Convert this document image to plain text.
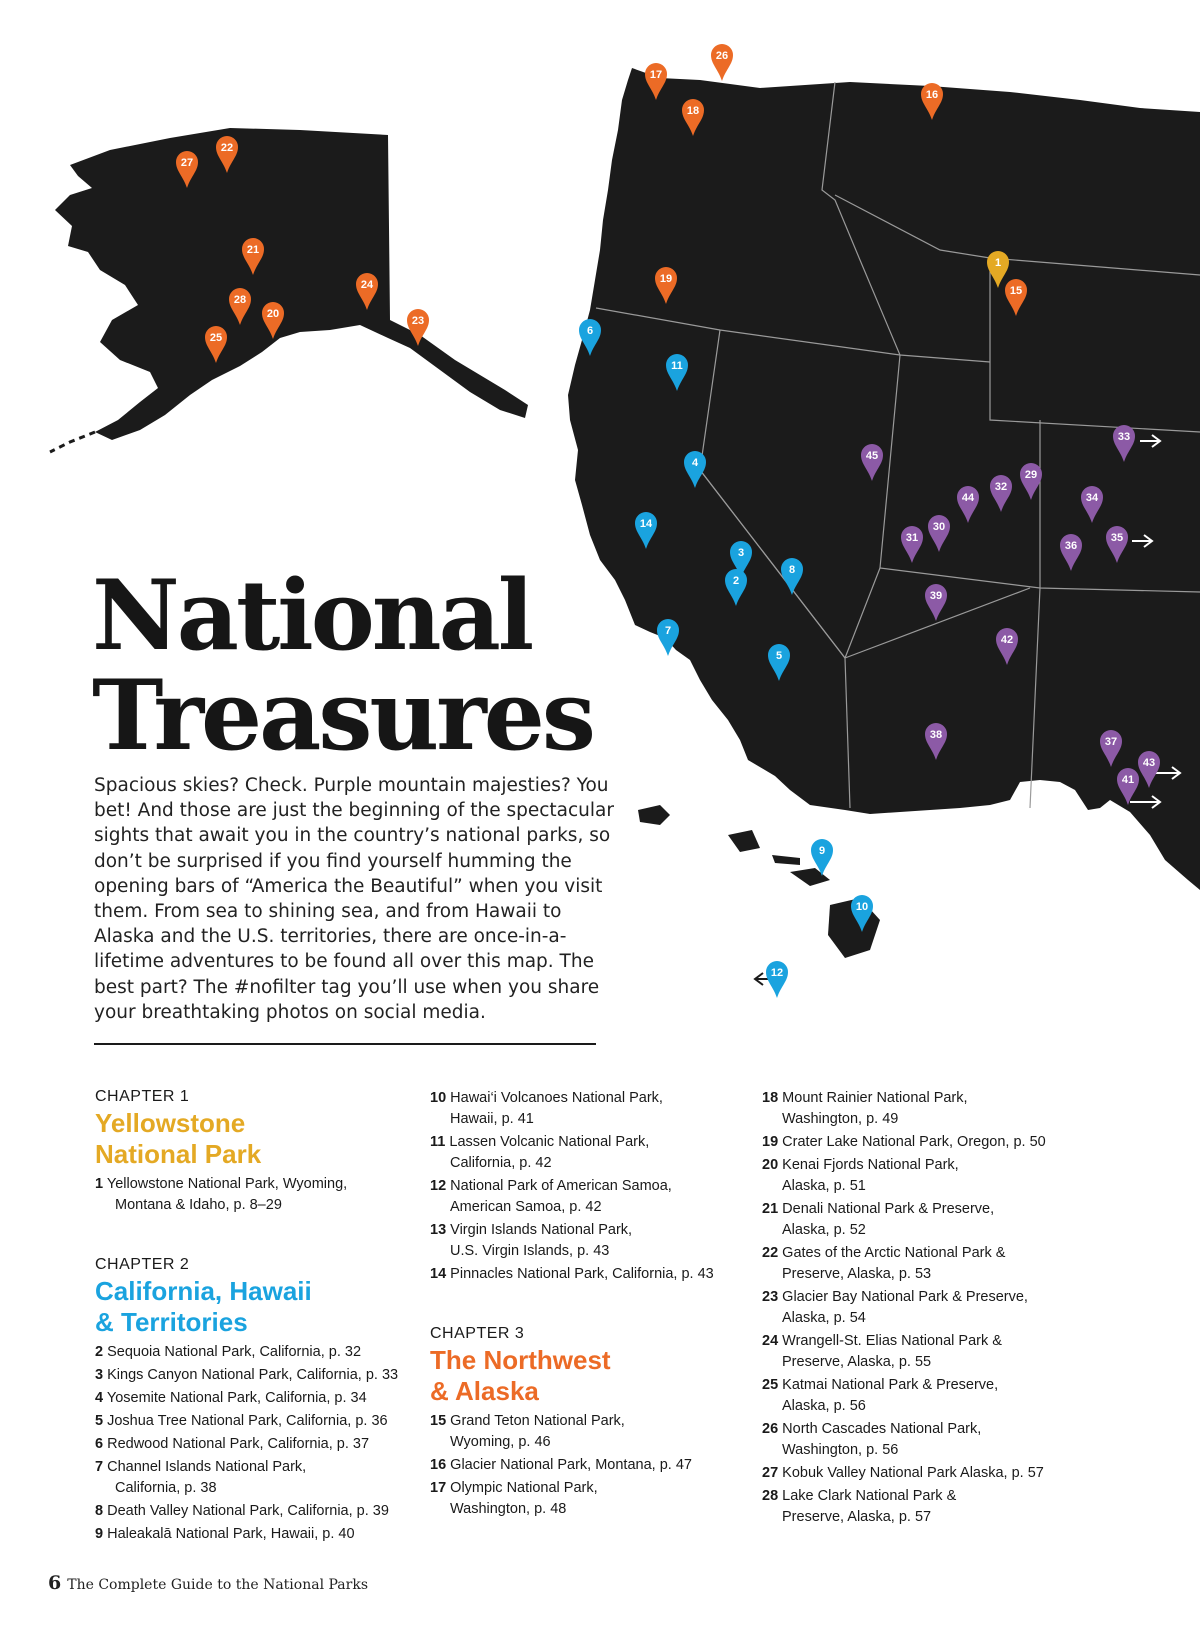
1
2
3
4
5
6
7
8
9
10
11
12
14
15
16
17
18
19
20
21
22
23
24
25
26
27
28
29
30
31
32
33
34
35
36
37
38
39
41
42
43
44
45
National
Treasures

Spacious skies? Check. Purple mountain majesties? You bet! And those are just the beginning of the spectacular sights that await you in the country’s national parks, so don’t be surprised if you find yourself humming the opening bars of “America the Beautiful” when you visit them. From sea to shining sea, and from Hawaii to Alaska and the U.S. territories, there are once-in-a-lifetime adventures to be found all over this map. The best part? The #nofilter tag you’ll use when you share your breathtaking photos on social media.

CHAPTER 1
Yellowstone
National Park
1 Yellowstone National Park, Wyoming,
Montana & Idaho, p. 8–29
CHAPTER 2
California, Hawaii
& Territories
2 Sequoia National Park, California, p. 32
3 Kings Canyon National Park, California, p. 33
4 Yosemite National Park, California, p. 34
5 Joshua Tree National Park, California, p. 36
6 Redwood National Park, California, p. 37
7 Channel Islands National Park,
California, p. 38
8 Death Valley National Park, California, p. 39
9 Haleakalā National Park, Hawaii, p. 40
10 Hawai‘i Volcanoes National Park,
Hawaii, p. 41
11 Lassen Volcanic National Park,
California, p. 42
12 National Park of American Samoa,
American Samoa, p. 42
13 Virgin Islands National Park,
U.S. Virgin Islands, p. 43
14 Pinnacles National Park, California, p. 43
CHAPTER 3
The Northwest
& Alaska
15 Grand Teton National Park,
Wyoming, p. 46
16 Glacier National Park, Montana, p. 47
17 Olympic National Park,
Washington, p. 48
18 Mount Rainier National Park,
Washington, p. 49
19 Crater Lake National Park, Oregon, p. 50
20 Kenai Fjords National Park,
Alaska, p. 51
21 Denali National Park & Preserve,
Alaska, p. 52
22 Gates of the Arctic National Park &
Preserve, Alaska, p. 53
23 Glacier Bay National Park & Preserve,
Alaska, p. 54
24 Wrangell-St. Elias National Park &
Preserve, Alaska, p. 55
25 Katmai National Park & Preserve,
Alaska, p. 56
26 North Cascades National Park,
Washington, p. 56
27 Kobuk Valley National Park Alaska, p. 57
28 Lake Clark National Park &
Preserve, Alaska, p. 57
6 The Complete Guide to the National Parks
